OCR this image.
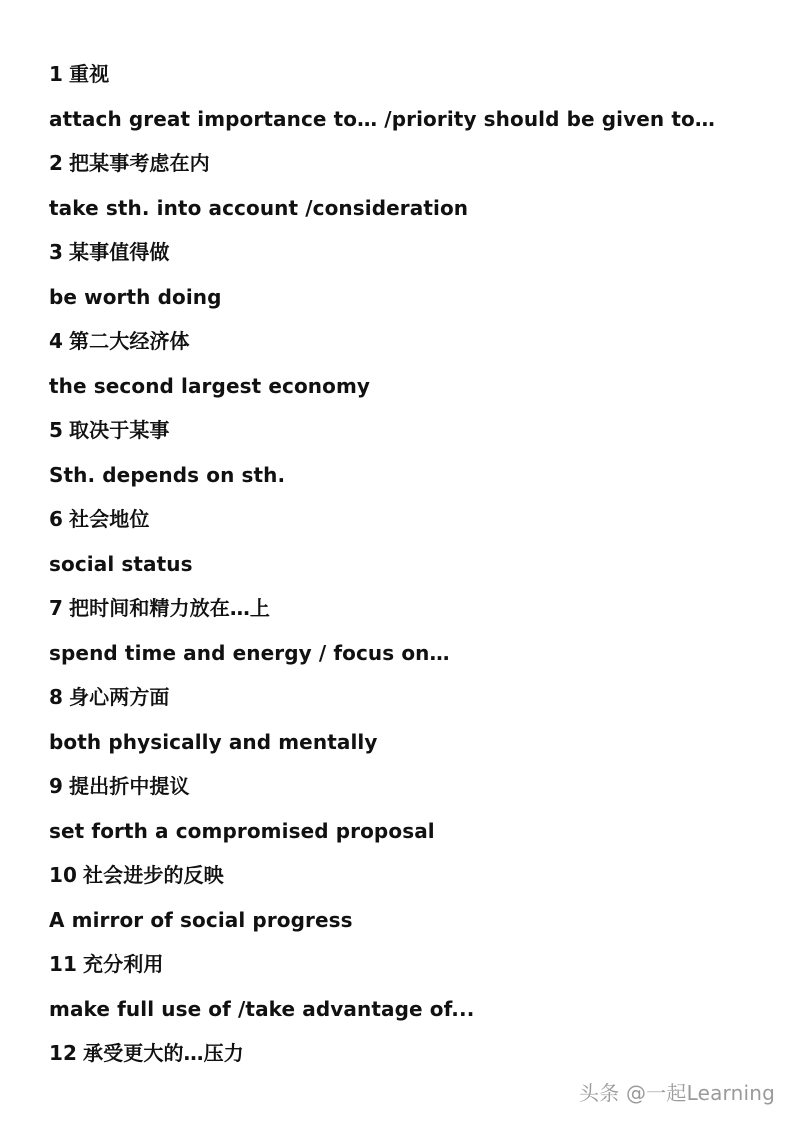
1 重视
attach great importance to… /priority should be given to…
2 把某事考虑在内
take sth. into account /consideration
3 某事值得做
be worth doing
4 第二大经济体
the second largest economy
5 取决于某事
Sth. depends on sth.
6 社会地位
social status
7 把时间和精力放在…上
spend time and energy / focus on…
8 身心两方面
both physically and mentally
9 提出折中提议
set forth a compromised proposal
10 社会进步的反映
A mirror of social progress
11 充分利用
make full use of /take advantage of...
12 承受更大的…压力
头条 @一起Learning
